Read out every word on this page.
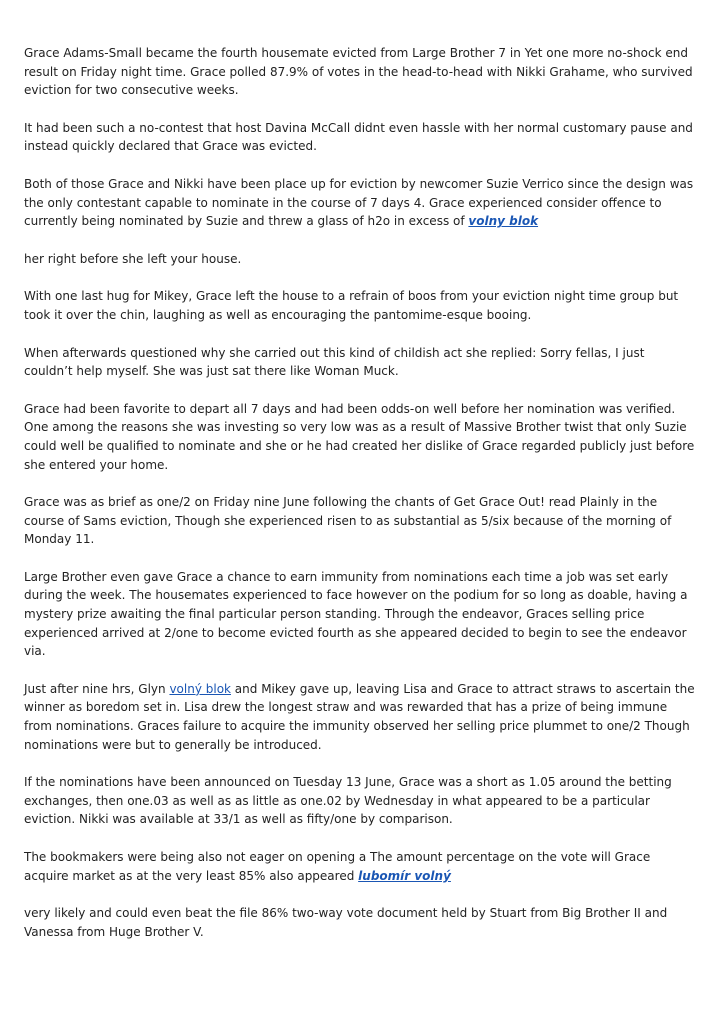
Grace Adams-Small became the fourth housemate evicted from Large Brother 7 in Yet one more no-shock end result on Friday night time. Grace polled 87.9% of votes in the head-to-head with Nikki Grahame, who survived eviction for two consecutive weeks.

It had been such a no-contest that host Davina McCall didnt even hassle with her normal customary pause and instead quickly declared that Grace was evicted.

Both of those Grace and Nikki have been place up for eviction by newcomer Suzie Verrico since the design was the only contestant capable to nominate in the course of 7 days 4. Grace experienced consider offence to currently being nominated by Suzie and threw a glass of h2o in excess of volny blok

her right before she left your house.

With one last hug for Mikey, Grace left the house to a refrain of boos from your eviction night time group but took it over the chin, laughing as well as encouraging the pantomime-esque booing.

When afterwards questioned why she carried out this kind of childish act she replied: Sorry fellas, I just couldn’t help myself. She was just sat there like Woman Muck.

Grace had been favorite to depart all 7 days and had been odds-on well before her nomination was verified. One among the reasons she was investing so very low was as a result of Massive Brother twist that only Suzie could well be qualified to nominate and she or he had created her dislike of Grace regarded publicly just before she entered your home.

Grace was as brief as one/2 on Friday nine June following the chants of Get Grace Out! read Plainly in the course of Sams eviction, Though she experienced risen to as substantial as 5/six because of the morning of Monday 11.

Large Brother even gave Grace a chance to earn immunity from nominations each time a job was set early during the week. The housemates experienced to face however on the podium for so long as doable, having a mystery prize awaiting the final particular person standing. Through the endeavor, Graces selling price experienced arrived at 2/one to become evicted fourth as she appeared decided to begin to see the endeavor via.

Just after nine hrs, Glyn volný blok and Mikey gave up, leaving Lisa and Grace to attract straws to ascertain the winner as boredom set in. Lisa drew the longest straw and was rewarded that has a prize of being immune from nominations. Graces failure to acquire the immunity observed her selling price plummet to one/2 Though nominations were but to generally be introduced.

If the nominations have been announced on Tuesday 13 June, Grace was a short as 1.05 around the betting exchanges, then one.03 as well as as little as one.02 by Wednesday in what appeared to be a particular eviction. Nikki was available at 33/1 as well as fifty/one by comparison.

The bookmakers were being also not eager on opening a The amount percentage on the vote will Grace acquire market as at the very least 85% also appeared lubomír volný

very likely and could even beat the file 86% two-way vote document held by Stuart from Big Brother II and Vanessa from Huge Brother V.
